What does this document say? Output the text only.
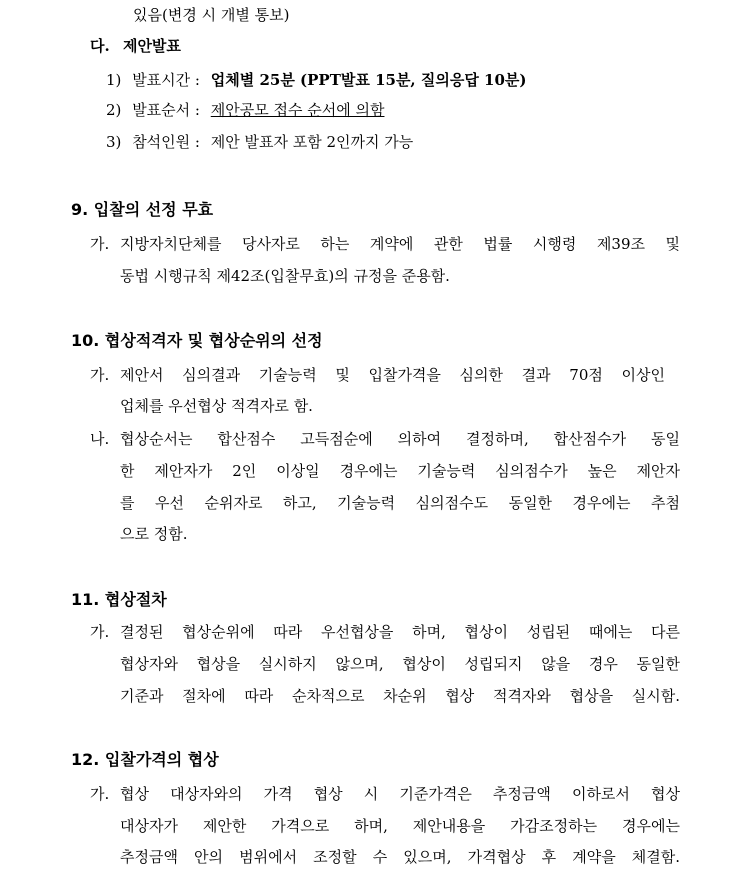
있음(변경 시 개별 통보)
다. 제안발표
1) 발표시간 : 업체별 25분 (PPT발표 15분, 질의응답 10분)
2) 발표순서 : 제안공모 접수 순서에 의함
3) 참석인원 : 제안 발표자 포함 2인까지 가능
9. 입찰의 선정 무효
가. 지방자치단체를 당사자로 하는 계약에 관한 법률 시행령 제39조 및
동법 시행규칙 제42조(입찰무효)의 규정을 준용함.
10. 협상적격자 및 협상순위의 선정
가. 제안서 심의결과 기술능력 및 입찰가격을 심의한 결과 70점 이상인
업체를 우선협상 적격자로 함.
나. 협상순서는 합산점수 고득점순에 의하여 결정하며, 합산점수가 동일
한 제안자가 2인 이상일 경우에는 기술능력 심의점수가 높은 제안자
를 우선 순위자로 하고, 기술능력 심의점수도 동일한 경우에는 추첨
으로 정함.
11. 협상절차
가. 결정된 협상순위에 따라 우선협상을 하며, 협상이 성립된 때에는 다른
협상자와 협상을 실시하지 않으며, 협상이 성립되지 않을 경우 동일한
기준과 절차에 따라 순차적으로 차순위 협상 적격자와 협상을 실시함.
12. 입찰가격의 협상
가. 협상 대상자와의 가격 협상 시 기준가격은 추정금액 이하로서 협상
대상자가 제안한 가격으로 하며, 제안내용을 가감조정하는 경우에는
추정금액 안의 범위에서 조정할 수 있으며, 가격협상 후 계약을 체결함.
